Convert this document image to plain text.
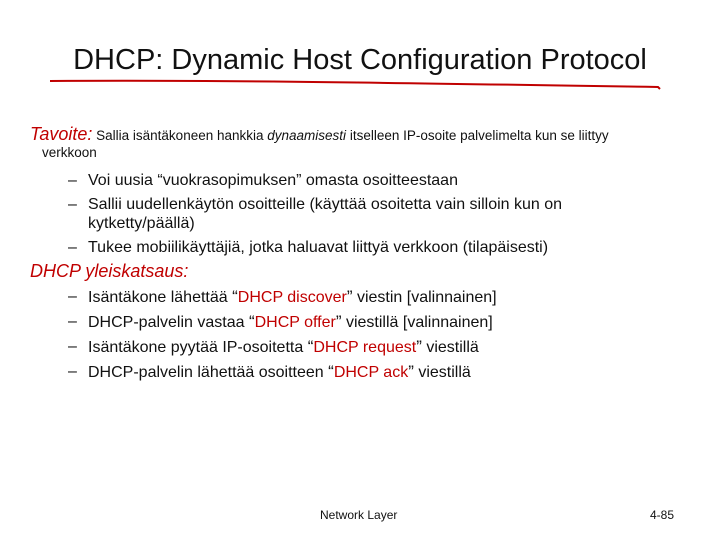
DHCP: Dynamic Host Configuration Protocol
Tavoite: Sallia isäntäkoneen hankkia dynaamisesti itselleen IP-osoite palvelimelta kun se liittyy
verkkoon
– Voi uusia “vuokrasopimuksen” omasta osoitteestaan
– Sallii uudellenkäytön osoitteille (käyttää osoitetta vain silloin kun on kytketty/päällä)
– Tukee mobiilikäyttäjiä, jotka haluavat liittyä verkkoon (tilapäisesti)
DHCP yleiskatsaus:
– Isäntäkone lähettää “DHCP discover” viestin [valinnainen]
– DHCP-palvelin vastaa “DHCP offer” viestillä [valinnainen]
– Isäntäkone pyytää IP-osoitetta “DHCP request” viestillä
– DHCP-palvelin lähettää osoitteen “DHCP ack” viestillä
Network Layer	4-85
